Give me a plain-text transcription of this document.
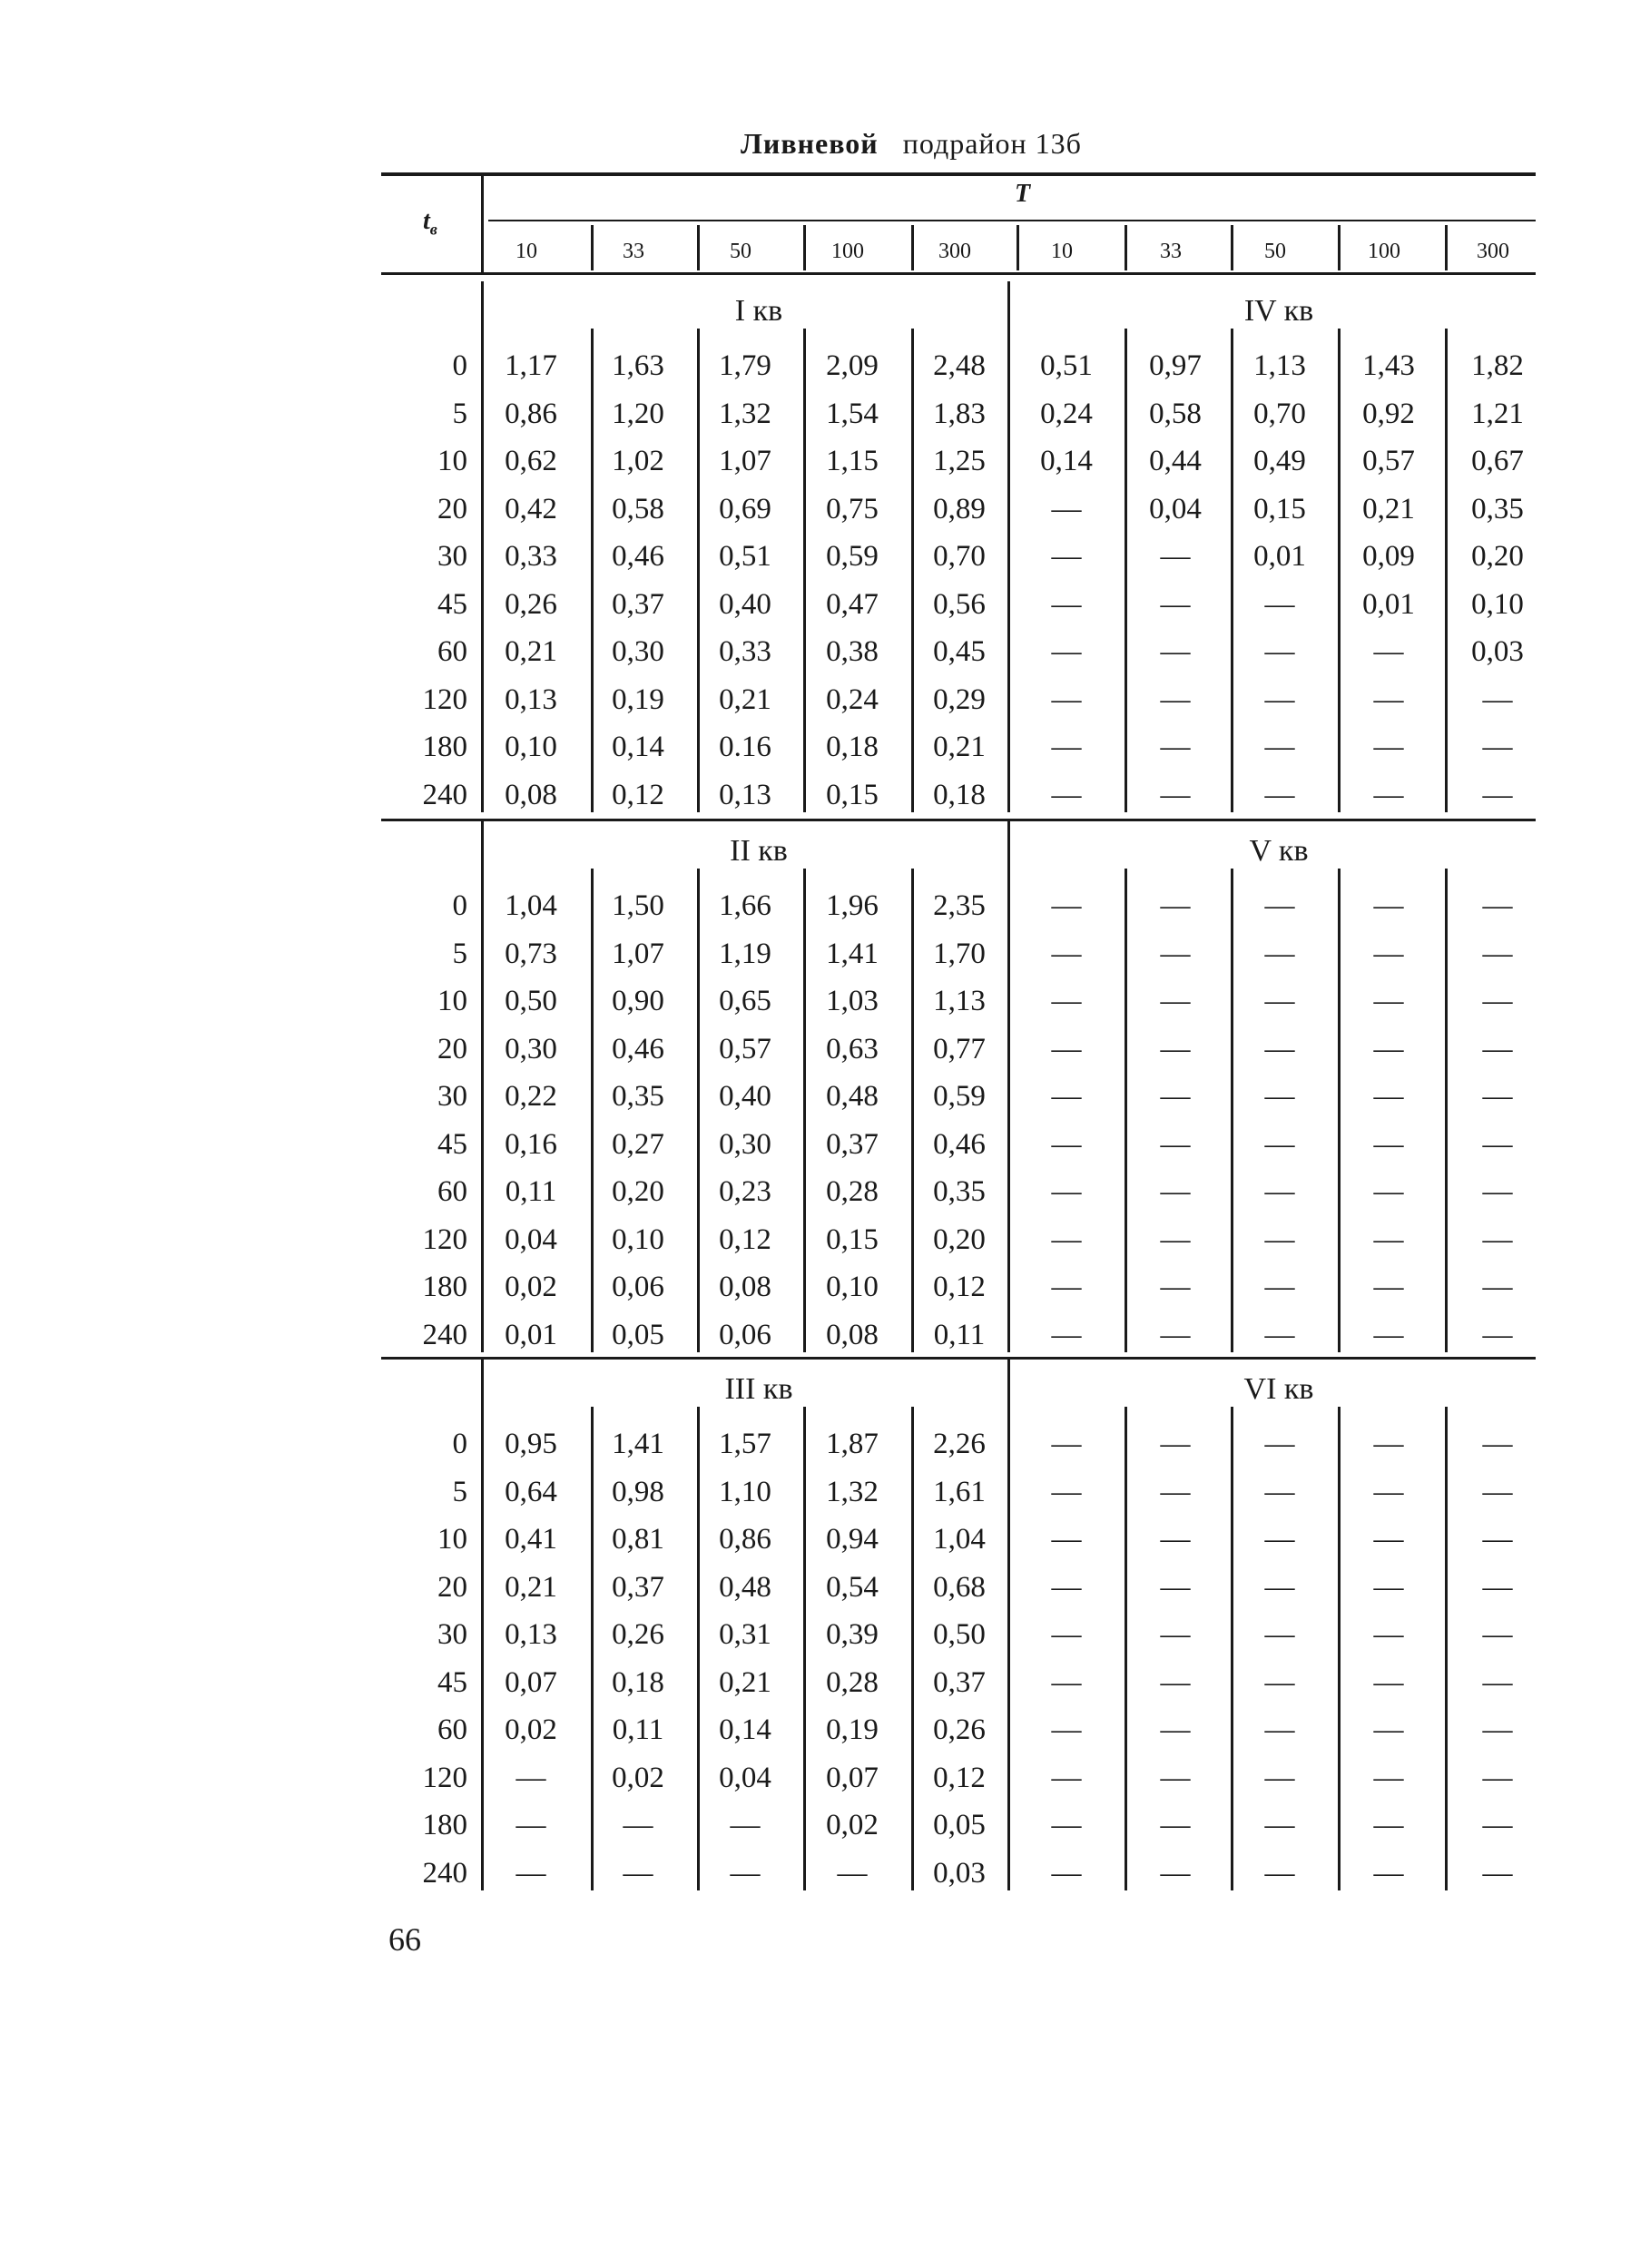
Ливневой подрайон 13б
$t_в$
T
10	33	50	100	300	10	33	50	100	300
I кв	IV кв
0	1,17	1,63	1,79	2,09	2,48	0,51	0,97	1,13	1,43	1,82
5	0,86	1,20	1,32	1,54	1,83	0,24	0,58	0,70	0,92	1,21
10	0,62	1,02	1,07	1,15	1,25	0,14	0,44	0,49	0,57	0,67
20	0,42	0,58	0,69	0,75	0,89	—	0,04	0,15	0,21	0,35
30	0,33	0,46	0,51	0,59	0,70	—	—	0,01	0,09	0,20
45	0,26	0,37	0,40	0,47	0,56	—	—	—	0,01	0,10
60	0,21	0,30	0,33	0,38	0,45	—	—	—	—	0,03
120	0,13	0,19	0,21	0,24	0,29	—	—	—	—	—
180	0,10	0,14	0.16	0,18	0,21	—	—	—	—	—
240	0,08	0,12	0,13	0,15	0,18	—	—	—	—	—
II кв	V кв
0	1,04	1,50	1,66	1,96	2,35	—	—	—	—	—
5	0,73	1,07	1,19	1,41	1,70	—	—	—	—	—
10	0,50	0,90	0,65	1,03	1,13	—	—	—	—	—
20	0,30	0,46	0,57	0,63	0,77	—	—	—	—	—
30	0,22	0,35	0,40	0,48	0,59	—	—	—	—	—
45	0,16	0,27	0,30	0,37	0,46	—	—	—	—	—
60	0,11	0,20	0,23	0,28	0,35	—	—	—	—	—
120	0,04	0,10	0,12	0,15	0,20	—	—	—	—	—
180	0,02	0,06	0,08	0,10	0,12	—	—	—	—	—
240	0,01	0,05	0,06	0,08	0,11	—	—	—	—	—
III кв	VI кв
0	0,95	1,41	1,57	1,87	2,26	—	—	—	—	—
5	0,64	0,98	1,10	1,32	1,61	—	—	—	—	—
10	0,41	0,81	0,86	0,94	1,04	—	—	—	—	—
20	0,21	0,37	0,48	0,54	0,68	—	—	—	—	—
30	0,13	0,26	0,31	0,39	0,50	—	—	—	—	—
45	0,07	0,18	0,21	0,28	0,37	—	—	—	—	—
60	0,02	0,11	0,14	0,19	0,26	—	—	—	—	—
120	—	0,02	0,04	0,07	0,12	—	—	—	—	—
180	—	—	—	0,02	0,05	—	—	—	—	—
240	—	—	—	—	0,03	—	—	—	—	—
66
